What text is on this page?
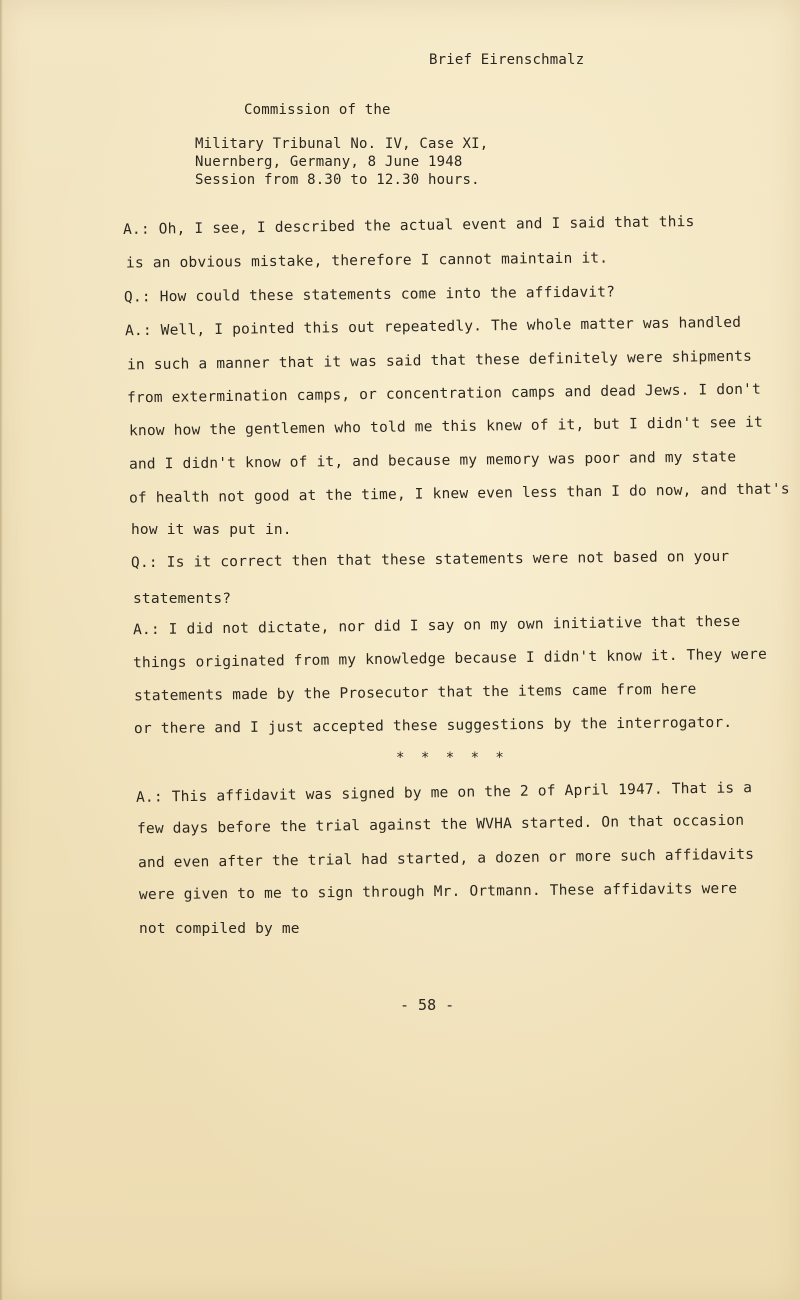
Brief Eirenschmalz
Commission of the
Military Tribunal No. IV, Case XI,
Nuernberg, Germany, 8 June 1948
Session from 8.30 to 12.30 hours.
A.: Oh, I see, I described the actual event and I said that this
is an obvious mistake, therefore I cannot maintain it.
Q.: How could these statements come into the affidavit?
A.: Well, I pointed this out repeatedly. The whole matter was handled
in such a manner that it was said that these definitely were shipments
from extermination camps, or concentration camps and dead Jews. I don't
know how the gentlemen who told me this knew of it, but I didn't see it
and I didn't know of it, and because my memory was poor and my state
of health not good at the time, I knew even less than I do now, and that's
how it was put in.
Q.: Is it correct then that these statements were not based on your
statements?
A.: I did not dictate, nor did I say on my own initiative that these
things originated from my knowledge because I didn't know it. They were
statements made by the Prosecutor that the items came from here
or there and I just accepted these suggestions by the interrogator.
* * * * *
A.: This affidavit was signed by me on the 2 of April 1947. That is a
few days before the trial against the WVHA started. On that occasion
and even after the trial had started, a dozen or more such affidavits
were given to me to sign through Mr. Ortmann. These affidavits were
not compiled by me
- 58 -
